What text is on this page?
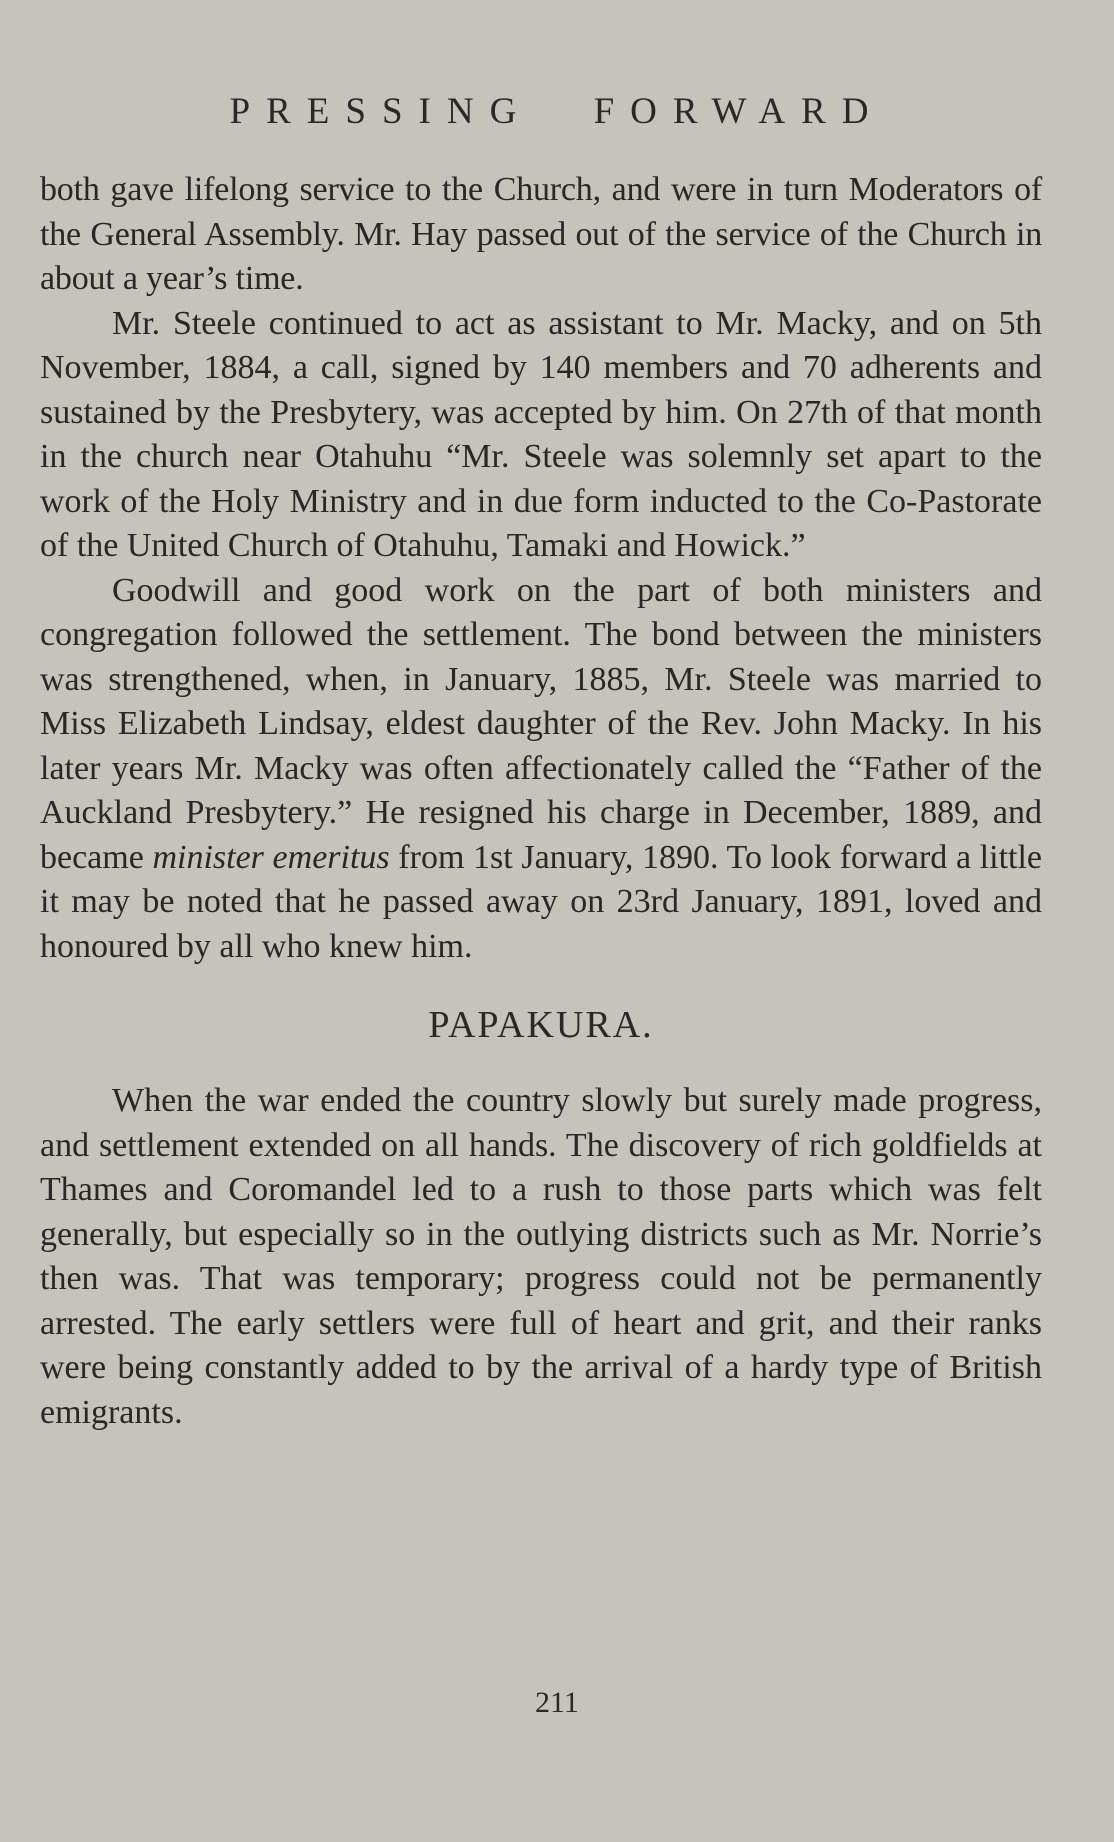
PRESSING FORWARD

both gave lifelong service to the Church, and were in turn Moderators of the General Assembly. Mr. Hay passed out of the service of the Church in about a year’s time.

Mr. Steele continued to act as assistant to Mr. Macky, and on 5th November, 1884, a call, signed by 140 members and 70 adherents and sustained by the Presbytery, was accepted by him. On 27th of that month in the church near Otahuhu “Mr. Steele was solemnly set apart to the work of the Holy Ministry and in due form inducted to the Co-Pastorate of the United Church of Otahuhu, Tamaki and Howick.”

Goodwill and good work on the part of both ministers and congregation followed the settlement. The bond between the ministers was strengthened, when, in January, 1885, Mr. Steele was married to Miss Elizabeth Lindsay, eldest daughter of the Rev. John Macky. In his later years Mr. Macky was often affectionately called the “Father of the Auckland Presbytery.” He resigned his charge in December, 1889, and became minister emeritus from 1st January, 1890. To look forward a little it may be noted that he passed away on 23rd January, 1891, loved and honoured by all who knew him.

PAPAKURA.

When the war ended the country slowly but surely made progress, and settlement extended on all hands. The discovery of rich goldfields at Thames and Coromandel led to a rush to those parts which was felt generally, but especially so in the outlying districts such as Mr. Norrie’s then was. That was temporary; progress could not be permanently arrested. The early settlers were full of heart and grit, and their ranks were being constantly added to by the arrival of a hardy type of British emigrants.

211
